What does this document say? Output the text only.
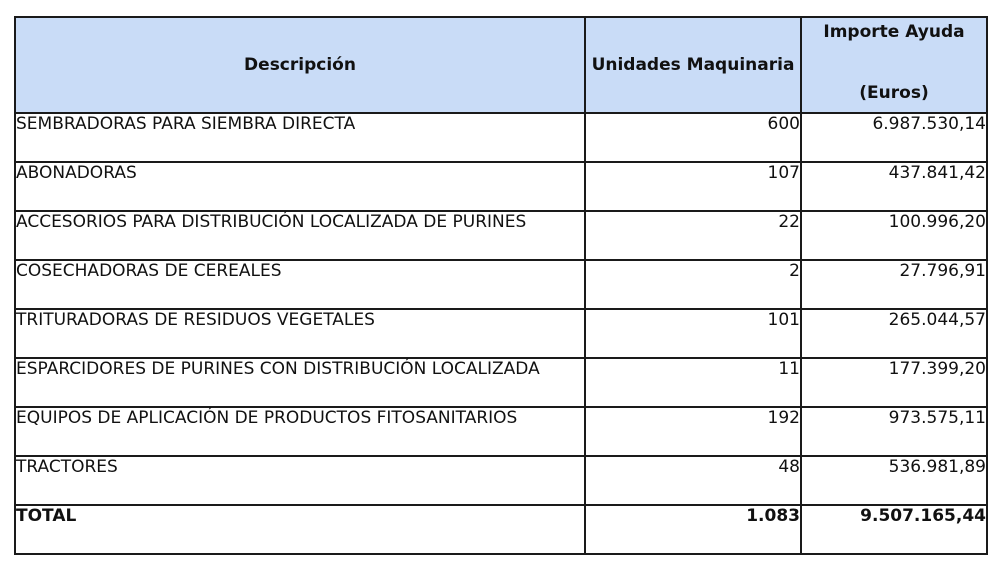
Descripción	Unidades Maquinaria	Importe Ayuda
(Euros)

SEMBRADORAS PARA SIEMBRA DIRECTA	600	6.987.530,14
ABONADORAS	107	437.841,42
ACCESORIOS PARA DISTRIBUCIÓN LOCALIZADA DE PURINES	22	100.996,20
COSECHADORAS DE CEREALES	2	27.796,91
TRITURADORAS DE RESIDUOS VEGETALES	101	265.044,57
ESPARCIDORES DE PURINES CON DISTRIBUCIÓN LOCALIZADA	11	177.399,20
EQUIPOS DE APLICACIÓN DE PRODUCTOS FITOSANITARIOS	192	973.575,11
TRACTORES	48	536.981,89
TOTAL	1.083	9.507.165,44
